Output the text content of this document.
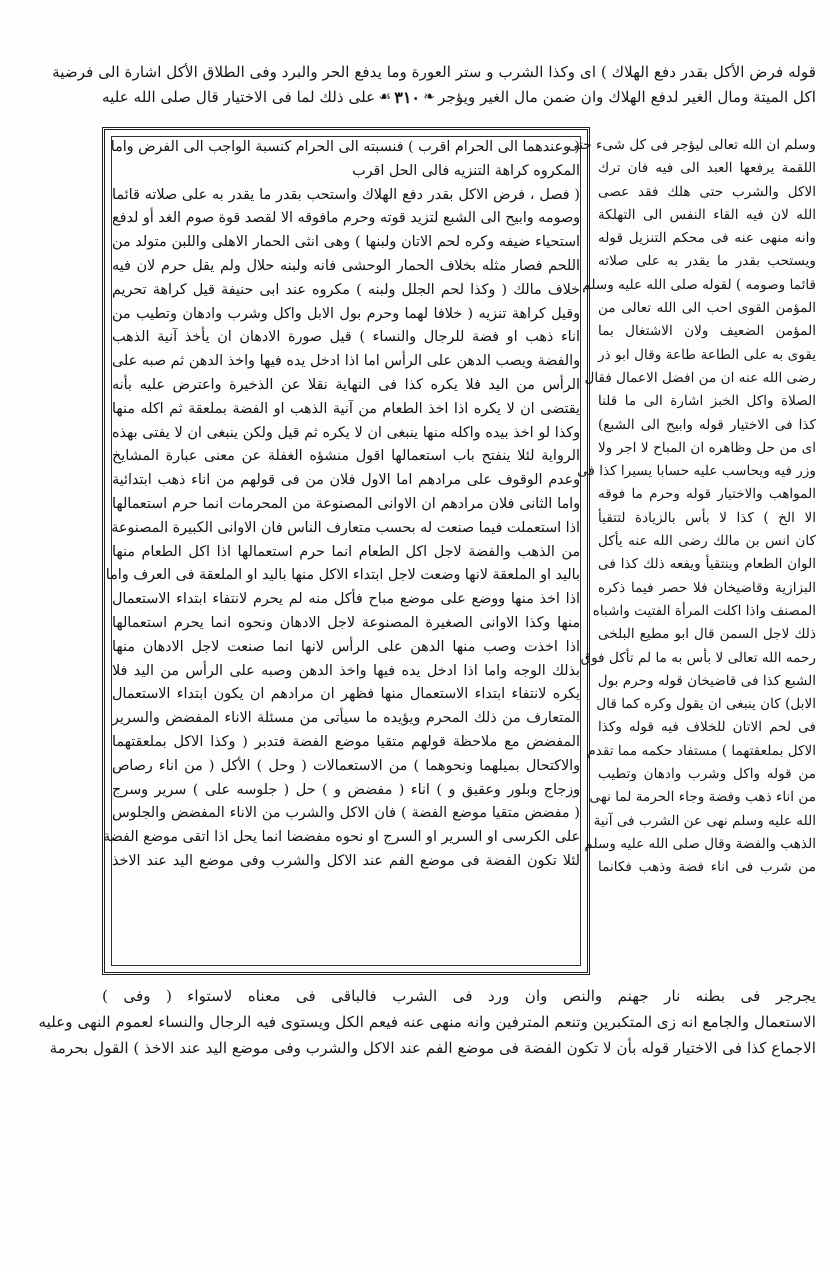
قوله فرض الأكل بقدر دفع الهلاك ) اى وكذا الشرب و ستر العورة وما يدفع الحر والبرد وفى الطلاق الأكل اشارة الى فرضية
اكل الميتة ومال الغير لدفع الهلاك وان ضمن مال الغير ويؤجر
❧
٣١٠
☙
على ذلك لما فى الاختيار قال صلى الله عليه
( وعندهما الى الحرام اقرب ) فنسبته الى الحرام كنسبة الواجب الى الفرض واما
المكروه كراهة التنزيه فالى الحل اقرب
( فصل ، فرض الاكل بقدر دفع الهلاك واستحب بقدر ما يقدر به على صلاته قائما
وصومه وابيح الى الشبع لتزيد قوته وحرم مافوقه الا لقصد قوة صوم الغد أو لدفع
استحياء ضيفه وكره لحم الاتان ولبنها ) وهى انثى الحمار الاهلى واللبن متولد من
اللحم فصار مثله بخلاف الحمار الوحشى فانه ولبنه حلال ولم يقل حرم لان فيه
خلاف مالك ( وكذا لحم الجلل ولبنه ) مكروه عند ابى حنيفة قيل كراهة تحريم
وقيل كراهة تنزيه ( خلافا لهما وحرم بول الابل واكل وشرب وادهان وتطيب من
اناء ذهب او فضة للرجال والنساء ) قيل صورة الادهان ان يأخذ آنية الذهب
والفضة ويصب الدهن على الرأس اما اذا ادخل يده فيها واخذ الدهن ثم صبه على
الرأس من اليد فلا يكره كذا فى النهاية نقلا عن الذخيرة واعترض عليه بأنه
يقتضى ان لا يكره اذا اخذ الطعام من آنية الذهب او الفضة بملعقة ثم اكله منها
وكذا لو اخذ بيده واكله منها ينبغى ان لا يكره ثم قيل ولكن ينبغى ان لا يفتى بهذه
الرواية لئلا ينفتح باب استعمالها اقول منشؤه الغفلة عن معنى عبارة المشايخ
وعدم الوقوف على مرادهم اما الاول فلان من فى قولهم من اناء ذهب ابتدائية
واما الثانى فلان مرادهم ان الاوانى المصنوعة من المحرمات انما حرم استعمالها
اذا استعملت فيما صنعت له بحسب متعارف الناس فان الاوانى الكبيرة المصنوعة
من الذهب والفضة لاجل اكل الطعام انما حرم استعمالها اذا اكل الطعام منها
باليد او الملعقة لانها وضعت لاجل ابتداء الاكل منها باليد او الملعقة فى العرف واما
اذا اخذ منها ووضع على موضع مباح فأكل منه لم يحرم لانتفاء ابتداء الاستعمال
منها وكذا الاوانى الصغيرة المصنوعة لاجل الادهان ونحوه انما يحرم استعمالها
اذا اخذت وصب منها الدهن على الرأس لانها انما صنعت لاجل الادهان منها
بذلك الوجه واما اذا ادخل يده فيها واخذ الدهن وصبه على الرأس من اليد فلا
يكره لانتفاء ابتداء الاستعمال منها فظهر ان مرادهم ان يكون ابتداء الاستعمال
المتعارف من ذلك المحرم ويؤيده ما سيأتى من مسئلة الاناء المفضض والسرير
المفضض مع ملاحظة قولهم متقيا موضع الفضة فتدبر ( وكذا الاكل بملعقتهما
والاكتحال بميلهما ونحوهما ) من الاستعمالات ( وحل ) الأكل ( من اناء رصاص
وزجاج وبلور وعقيق و ) اناء ( مفضض و ) حل ( جلوسه على ) سرير وسرج
( مفضض متقيا موضع الفضة ) فان الاكل والشرب من الاناء المفضض والجلوس
على الكرسى او السرير او السرج او نحوه مفضضا انما يحل اذا اتقى موضع الفضة
لئلا تكون الفضة فى موضع الفم عند الاكل والشرب وفى موضع اليد عند الاخذ
وسلم ان الله تعالى ليؤجر فى كل شىء حتى
اللقمة يرفعها العبد الى فيه فان ترك
الاكل والشرب حتى هلك فقد عصى
الله لان فيه القاء النفس الى التهلكة
وانه منهى عنه فى محكم التنزيل قوله
ويستحب بقدر ما يقدر به على صلاته
قائما وصومه ) لقوله صلى الله عليه وسلم
المؤمن القوى احب الى الله تعالى من
المؤمن الضعيف ولان الاشتغال بما
يقوى به على الطاعة طاعة وقال ابو ذر
رضى الله عنه ان من افضل الاعمال فقال
الصلاة واكل الخبز اشارة الى ما قلنا
كذا فى الاختيار قوله وابيح الى الشبع)
اى من حل وظاهره ان المباح لا اجر ولا
وزر فيه ويحاسب عليه حسابا يسيرا كذا فى
المواهب والاختيار قوله وحرم ما فوقه
الا الخ ) كذا لا بأس بالزيادة لتتقيأ
كان انس بن مالك رضى الله عنه يأكل
الوان الطعام وينتقيأ ويفعه ذلك كذا فى
البزازية وقاضيخان فلا حصر فيما ذكره
المصنف واذا اكلت المرأة الفتيت واشباه
ذلك لاجل السمن قال ابو مطيع البلخى
رحمه الله تعالى لا بأس به ما لم تأكل فوق
الشبع كذا فى قاضيخان قوله وحرم بول
الابل) كان ينبغى ان يقول وكره كما قال
فى لحم الاتان للخلاف فيه قوله وكذا
الاكل بملعقتهما ) مستفاد حكمه مما تقدم
من قوله واكل وشرب وادهان وتطيب
من اناء ذهب وفضة وجاء الحرمة لما نهى
الله عليه وسلم نهى عن الشرب فى آنية
الذهب والفضة وقال صلى الله عليه وسلم
من شرب فى اناء فضة وذهب فكانما
يجرجر فى بطنه نار جهنم والنص وان ورد فى الشرب فالباقى فى معناه لاستواء ( وفى )
الاستعمال والجامع انه زى المتكبرين وتنعم المترفين وانه منهى عنه فيعم الكل ويستوى فيه الرجال والنساء لعموم النهى وعليه
الاجماع كذا فى الاختيار قوله بأن لا تكون الفضة فى موضع الفم عند الاكل والشرب وفى موضع اليد عند الاخذ ) القول بحرمة
